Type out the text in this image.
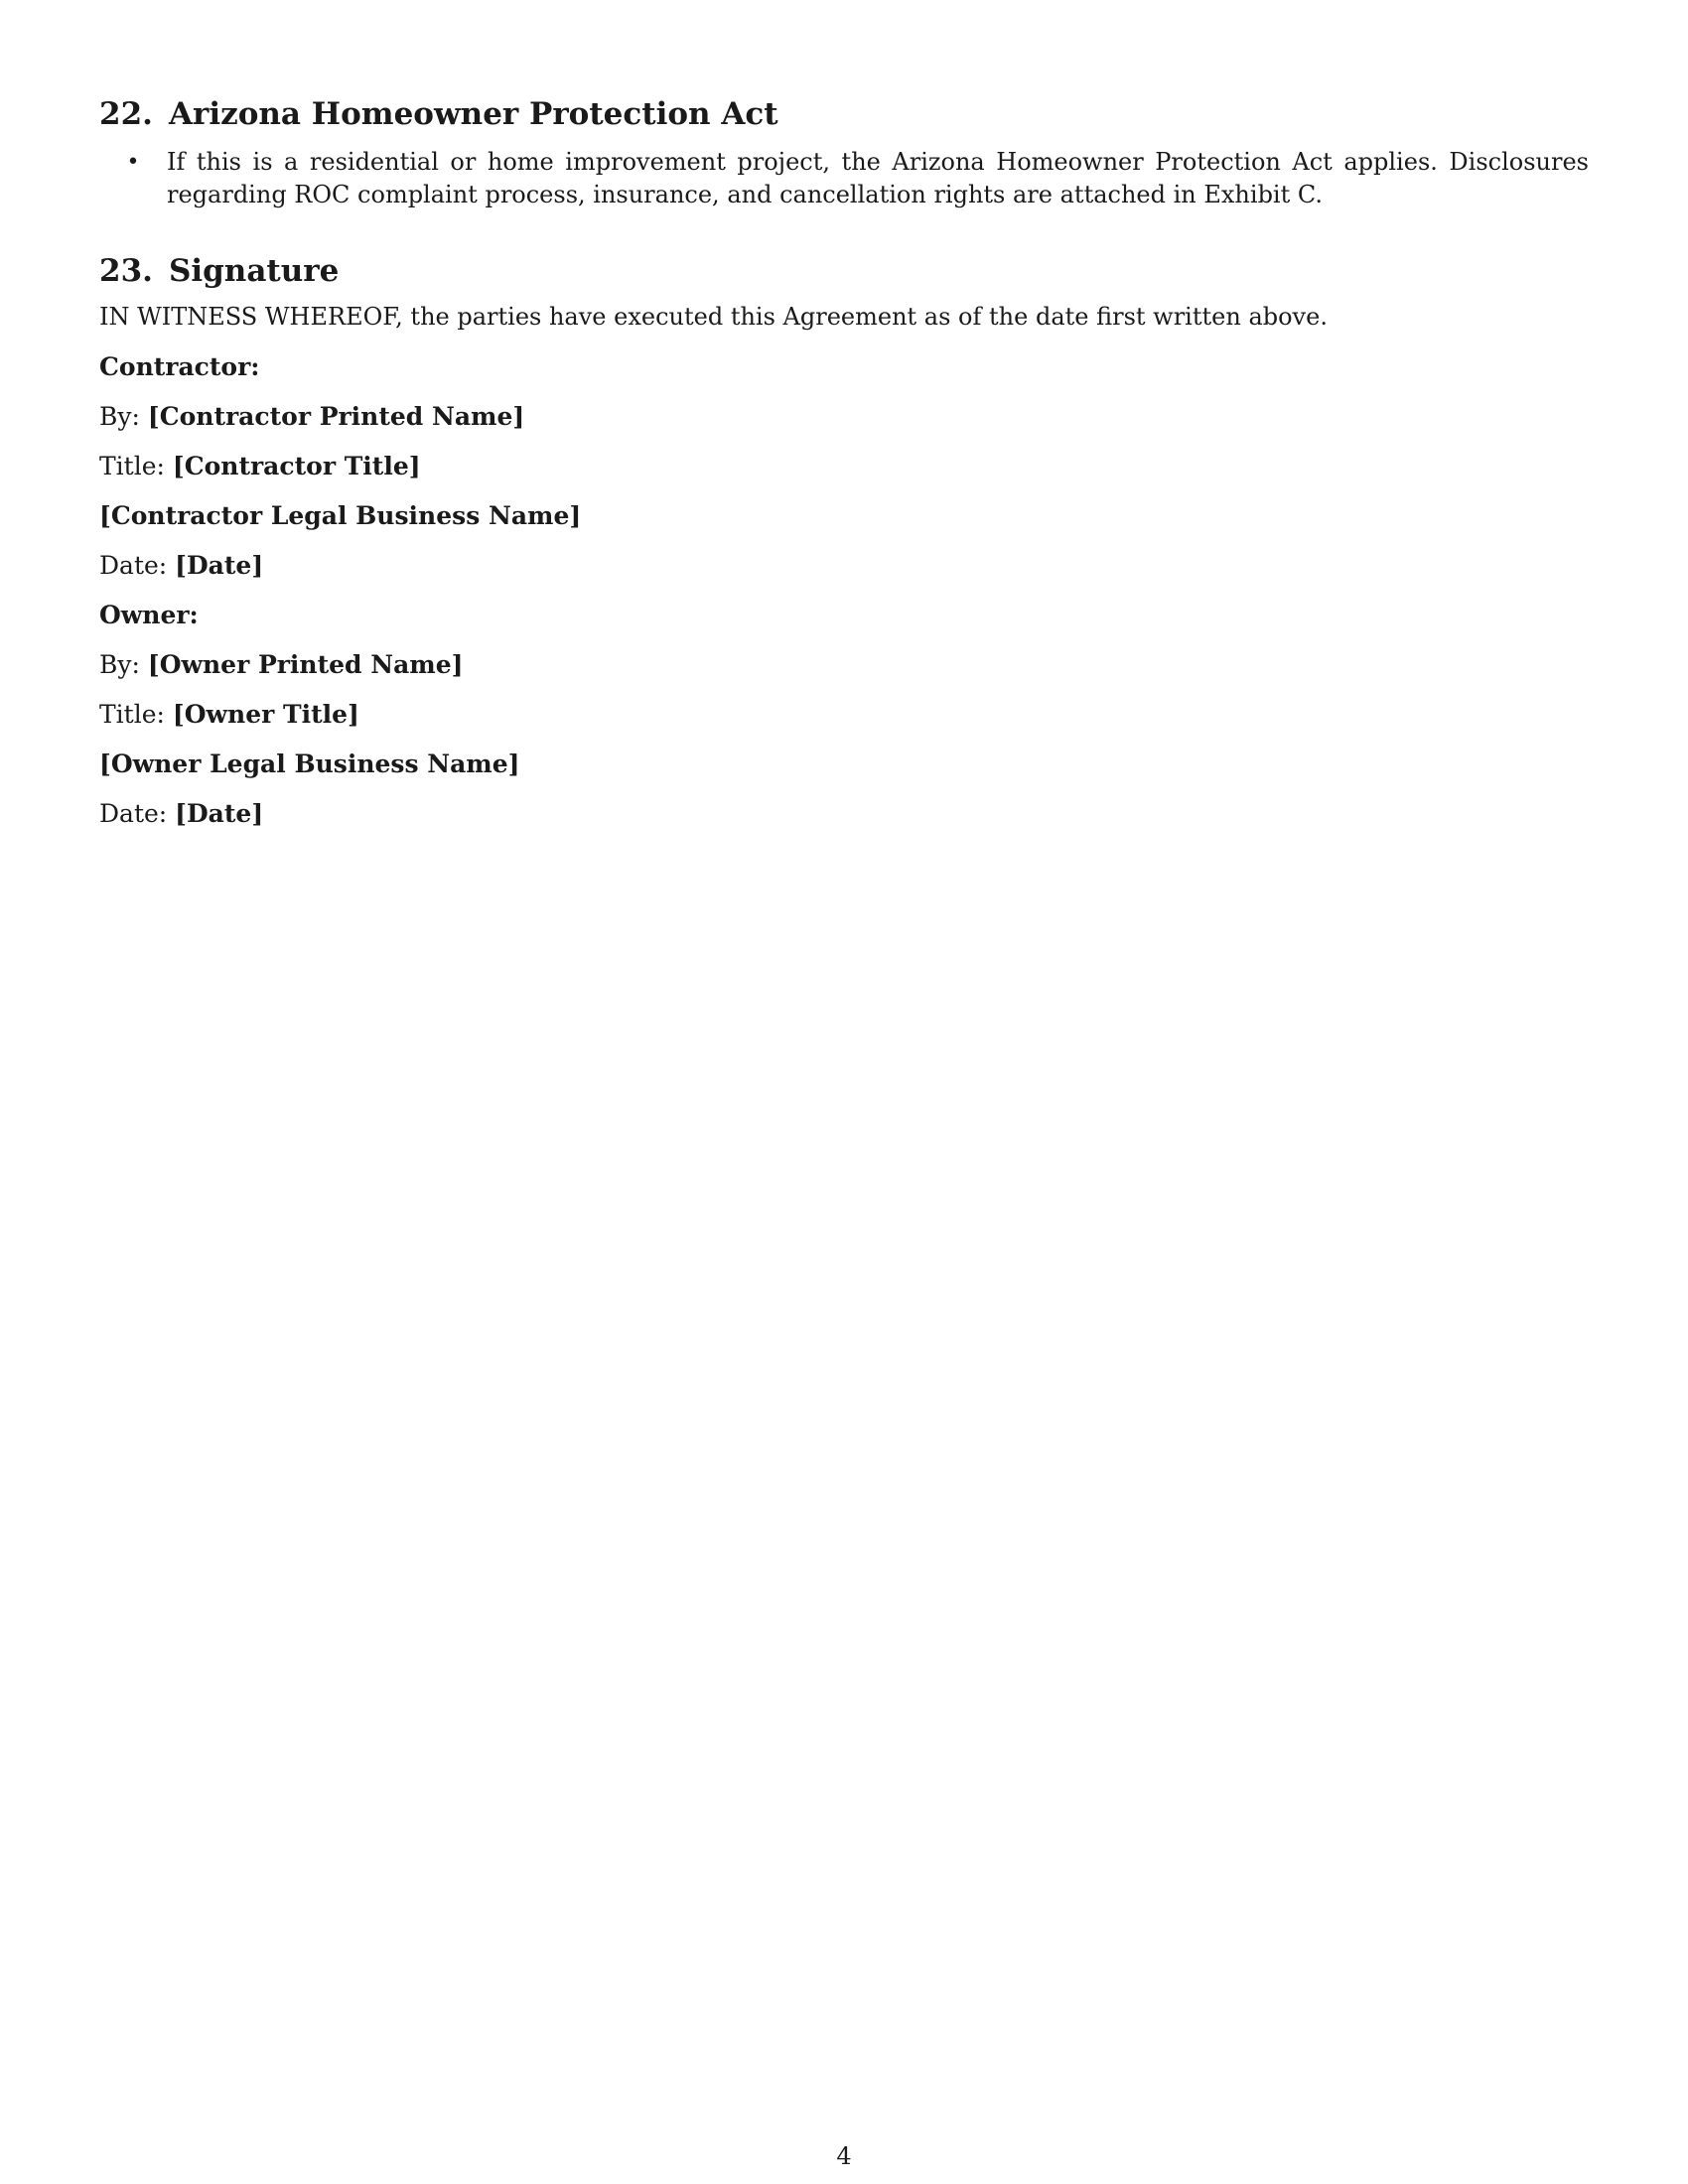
22. Arizona Homeowner Protection Act
•	If this is a residential or home improvement project, the Arizona Homeowner Protection Act applies. Disclosures regarding ROC complaint process, insurance, and cancellation rights are attached in Exhibit C.
23. Signature

IN WITNESS WHEREOF, the parties have executed this Agreement as of the date first written above.

Contractor:

By: [Contractor Printed Name]

Title: [Contractor Title]

[Contractor Legal Business Name]

Date: [Date]

Owner:

By: [Owner Printed Name]

Title: [Owner Title]

[Owner Legal Business Name]

Date: [Date]

4
